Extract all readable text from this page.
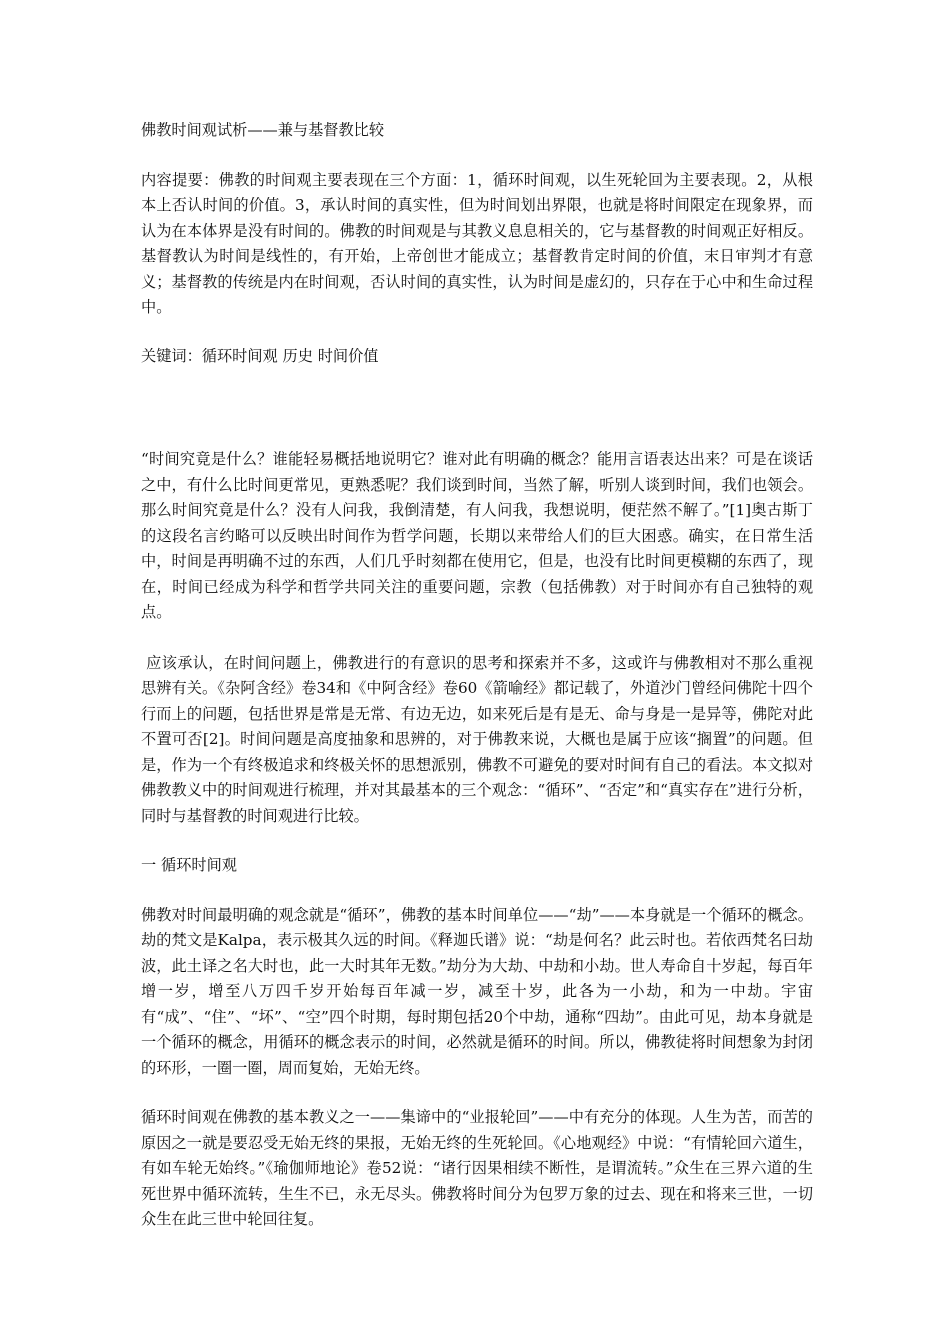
佛教时间观试析——兼与基督教比较

内容提要：佛教的时间观主要表现在三个方面：1，循环时间观，以生死轮回为主要表现。2，从根本上否认时间的价值。3，承认时间的真实性，但为时间划出界限，也就是将时间限定在现象界，而认为在本体界是没有时间的。佛教的时间观是与其教义息息相关的，它与基督教的时间观正好相反。基督教认为时间是线性的，有开始，上帝创世才能成立；基督教肯定时间的价值，末日审判才有意义；基督教的传统是内在时间观，否认时间的真实性，认为时间是虚幻的，只存在于心中和生命过程中。

关键词：循环时间观 历史 时间价值

“时间究竟是什么？谁能轻易概括地说明它？谁对此有明确的概念？能用言语表达出来？可是在谈话之中，有什么比时间更常见，更熟悉呢？我们谈到时间，当然了解，听别人谈到时间，我们也领会。那么时间究竟是什么？没有人问我，我倒清楚，有人问我，我想说明，便茫然不解了。”[1]奥古斯丁的这段名言约略可以反映出时间作为哲学问题，长期以来带给人们的巨大困惑。确实，在日常生活中，时间是再明确不过的东西，人们几乎时刻都在使用它，但是，也没有比时间更模糊的东西了，现在，时间已经成为科学和哲学共同关注的重要问题，宗教（包括佛教）对于时间亦有自己独特的观点。

应该承认，在时间问题上，佛教进行的有意识的思考和探索并不多，这或许与佛教相对不那么重视思辨有关。《杂阿含经》卷34和《中阿含经》卷60《箭喻经》都记载了，外道沙门曾经问佛陀十四个行而上的问题，包括世界是常是无常、有边无边，如来死后是有是无、命与身是一是异等，佛陀对此不置可否[2]。时间问题是高度抽象和思辨的，对于佛教来说，大概也是属于应该“搁置”的问题。但是，作为一个有终极追求和终极关怀的思想派别，佛教不可避免的要对时间有自己的看法。本文拟对佛教教义中的时间观进行梳理，并对其最基本的三个观念：“循环”、“否定”和“真实存在”进行分析，同时与基督教的时间观进行比较。

一 循环时间观

佛教对时间最明确的观念就是“循环”，佛教的基本时间单位——“劫”——本身就是一个循环的概念。劫的梵文是Kalpa，表示极其久远的时间。《释迦氏谱》说：“劫是何名？此云时也。若依西梵名曰劫波，此土译之名大时也，此一大时其年无数。”劫分为大劫、中劫和小劫。世人寿命自十岁起，每百年增一岁，增至八万四千岁开始每百年减一岁，减至十岁，此各为一小劫，和为一中劫。宇宙有“成”、“住”、“坏”、“空”四个时期，每时期包括20个中劫，通称“四劫”。由此可见，劫本身就是一个循环的概念，用循环的概念表示的时间，必然就是循环的时间。所以，佛教徒将时间想象为封闭的环形，一圈一圈，周而复始，无始无终。

循环时间观在佛教的基本教义之一——集谛中的“业报轮回”——中有充分的体现。人生为苦，而苦的原因之一就是要忍受无始无终的果报，无始无终的生死轮回。《心地观经》中说：“有情轮回六道生，有如车轮无始终。”《瑜伽师地论》卷52说：“诸行因果相续不断性，是谓流转。”众生在三界六道的生死世界中循环流转，生生不已，永无尽头。佛教将时间分为包罗万象的过去、现在和将来三世，一切众生在此三世中轮回往复。
